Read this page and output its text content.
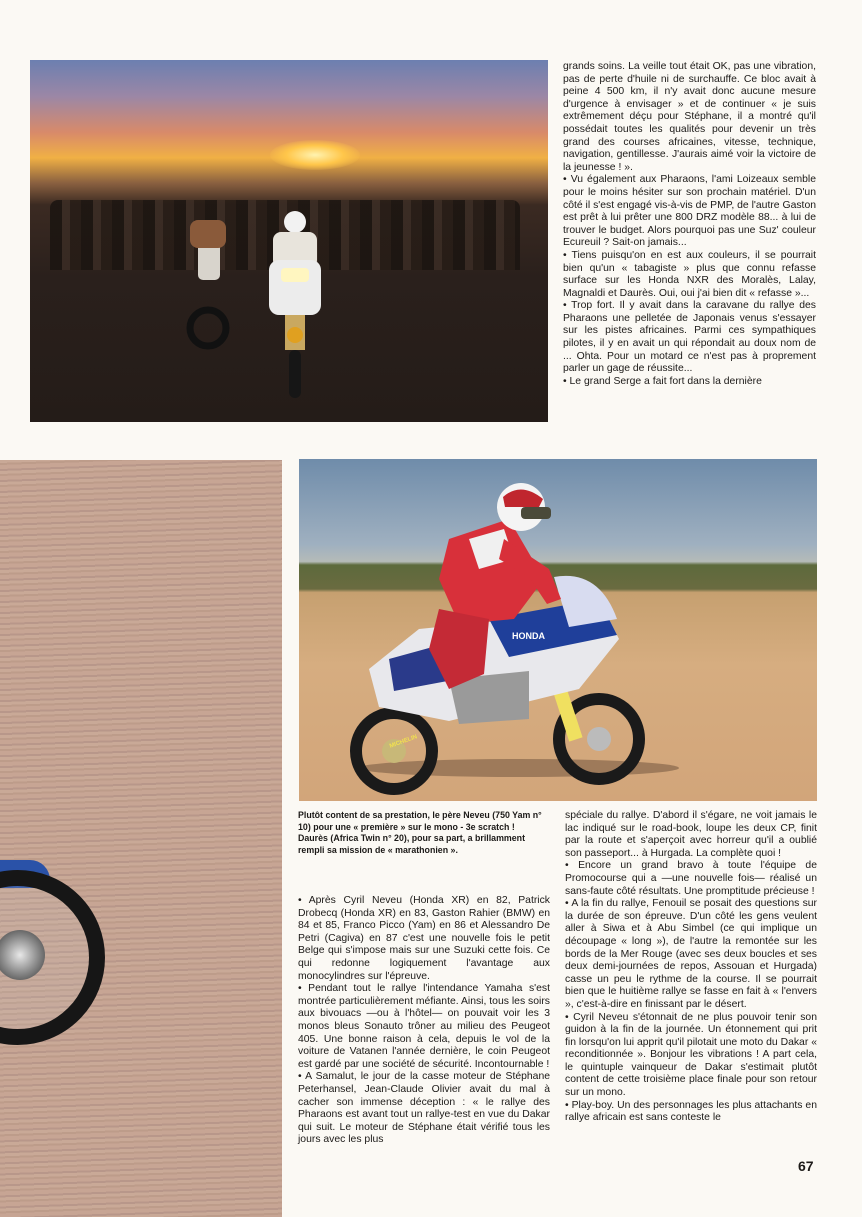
grands soins. La veille tout était OK, pas une vibration, pas de perte d'huile ni de surchauffe. Ce bloc avait à peine 4 500 km, il n'y avait donc aucune mesure d'urgence à envisager » et de continuer « je suis extrêmement déçu pour Stéphane, il a montré qu'il possédait toutes les qualités pour devenir un très grand des courses africaines, vitesse, technique, navigation, gentillesse. J'aurais aimé voir la victoire de la jeunesse ! ».

• Vu également aux Pharaons, l'ami Loizeaux semble pour le moins hésiter sur son prochain matériel. D'un côté il s'est engagé vis-à-vis de PMP, de l'autre Gaston est prêt à lui prêter une 800 DRZ modèle 88... à lui de trouver le budget. Alors pourquoi pas une Suz' couleur Ecureuil ? Sait-on jamais...

• Tiens puisqu'on en est aux couleurs, il se pourrait bien qu'un « tabagiste » plus que connu refasse surface sur les Honda NXR des Moralès, Lalay, Magnaldi et Daurès. Oui, oui j'ai bien dit « refasse »...

• Trop fort. Il y avait dans la caravane du rallye des Pharaons une pelletée de Japonais venus s'essayer sur les pistes africaines. Parmi ces sympathiques pilotes, il y en avait un qui répondait au doux nom de ... Ohta. Pour un motard ce n'est pas à proprement parler un gage de réussite...

• Le grand Serge a fait fort dans la dernière

HONDA
2
MICHELIN

Plutôt content de sa prestation, le père Neveu (750 Yam n° 10) pour une « première » sur le mono - 3e scratch !

Daurès (Africa Twin n° 20), pour sa part, a brillamment rempli sa mission de « marathonien ».

• Après Cyril Neveu (Honda XR) en 82, Patrick Drobecq (Honda XR) en 83, Gaston Rahier (BMW) en 84 et 85, Franco Picco (Yam) en 86 et Alessandro De Petri (Cagiva) en 87 c'est une nouvelle fois le petit Belge qui s'impose mais sur une Suzuki cette fois. Ce qui redonne logiquement l'avantage aux monocylindres sur l'épreuve.

• Pendant tout le rallye l'intendance Yamaha s'est montrée particulièrement méfiante. Ainsi, tous les soirs aux bivouacs —ou à l'hôtel— on pouvait voir les 3 monos bleus Sonauto trôner au milieu des Peugeot 405. Une bonne raison à cela, depuis le vol de la voiture de Vatanen l'année dernière, le coin Peugeot est gardé par une société de sécurité. Incontournable !

• A Samalut, le jour de la casse moteur de Stéphane Peterhansel, Jean-Claude Olivier avait du mal à cacher son immense déception : « le rallye des Pharaons est avant tout un rallye-test en vue du Dakar qui suit. Le moteur de Stéphane était vérifié tous les jours avec les plus

spéciale du rallye. D'abord il s'égare, ne voit jamais le lac indiqué sur le road-book, loupe les deux CP, finit par la route et s'aperçoit avec horreur qu'il a oublié son passeport... à Hurgada. La complète quoi !

• Encore un grand bravo à toute l'équipe de Promocourse qui a —une nouvelle fois— réalisé un sans-faute côté résultats. Une promptitude précieuse !

• A la fin du rallye, Fenouil se posait des questions sur la durée de son épreuve. D'un côté les gens veulent aller à Siwa et à Abu Simbel (ce qui implique un découpage « long »), de l'autre la remontée sur les bords de la Mer Rouge (avec ses deux boucles et ses deux demi-journées de repos, Assouan et Hurgada) casse un peu le rythme de la course. Il se pourrait bien que le huitième rallye se fasse en fait à « l'envers », c'est-à-dire en finissant par le désert.

• Cyril Neveu s'étonnait de ne plus pouvoir tenir son guidon à la fin de la journée. Un étonnement qui prit fin lorsqu'on lui apprit qu'il pilotait une moto du Dakar « reconditionnée ». Bonjour les vibrations ! A part cela, le quintuple vainqueur de Dakar s'estimait plutôt content de cette troisième place finale pour son retour sur un mono.

• Play-boy. Un des personnages les plus attachants en rallye africain est sans conteste le

67
